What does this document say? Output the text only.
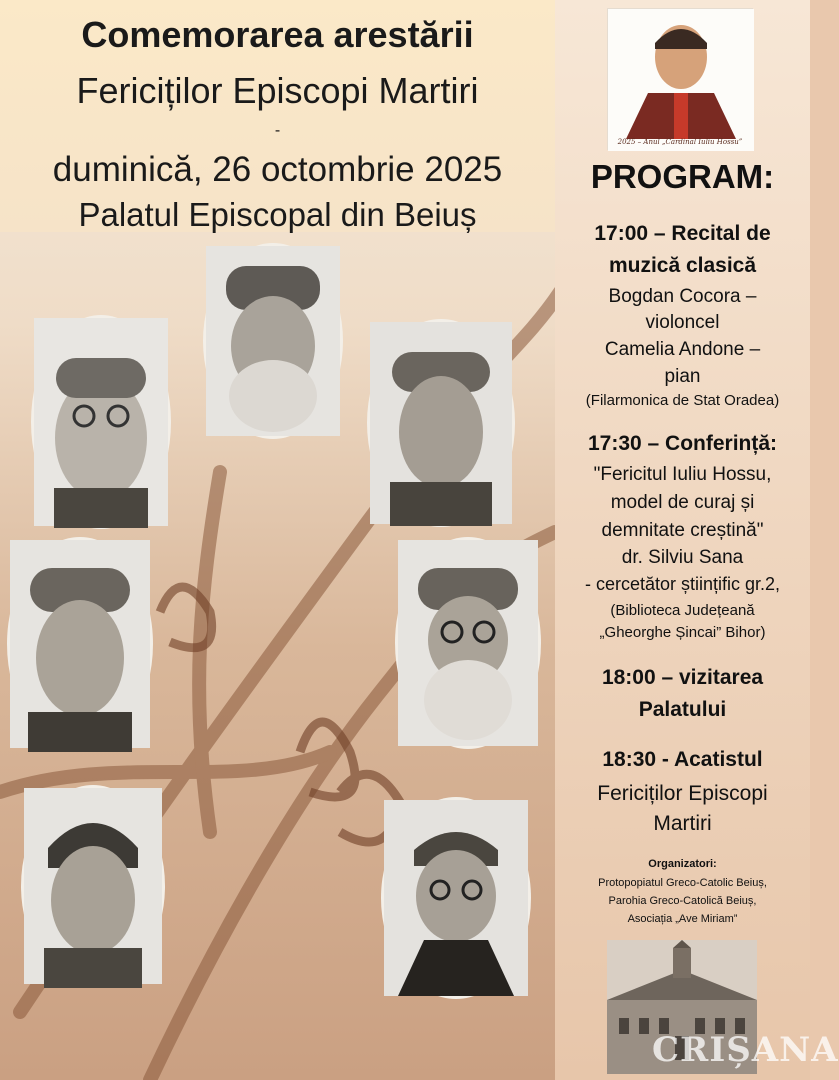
Comemorarea arestării
Fericiților Episcopi Martiri
-
duminică, 26 octombrie 2025
Palatul Episcopal din Beiuș
2025 – Anul „Cardinal Iuliu Hossu”
PROGRAM:
17:00 – Recital de
muzică clasică
Bogdan Cocora –
violoncel
Camelia Andone –
pian
(Filarmonica de Stat Oradea)
17:30 – Conferință:
"Fericitul Iuliu Hossu,
model de curaj și
demnitate creștină"
dr. Silviu Sana
- cercetător științific gr.2,
(Biblioteca Județeană
„Gheorghe Șincai” Bihor)
18:00 – vizitarea
Palatului
18:30 - Acatistul
Fericiților Episcopi
Martiri
Organizatori:
Protopopiatul Greco-Catolic Beiuș,
Parohia Greco-Catolică Beiuș,
Asociația „Ave Miriam”
CRIȘANA
